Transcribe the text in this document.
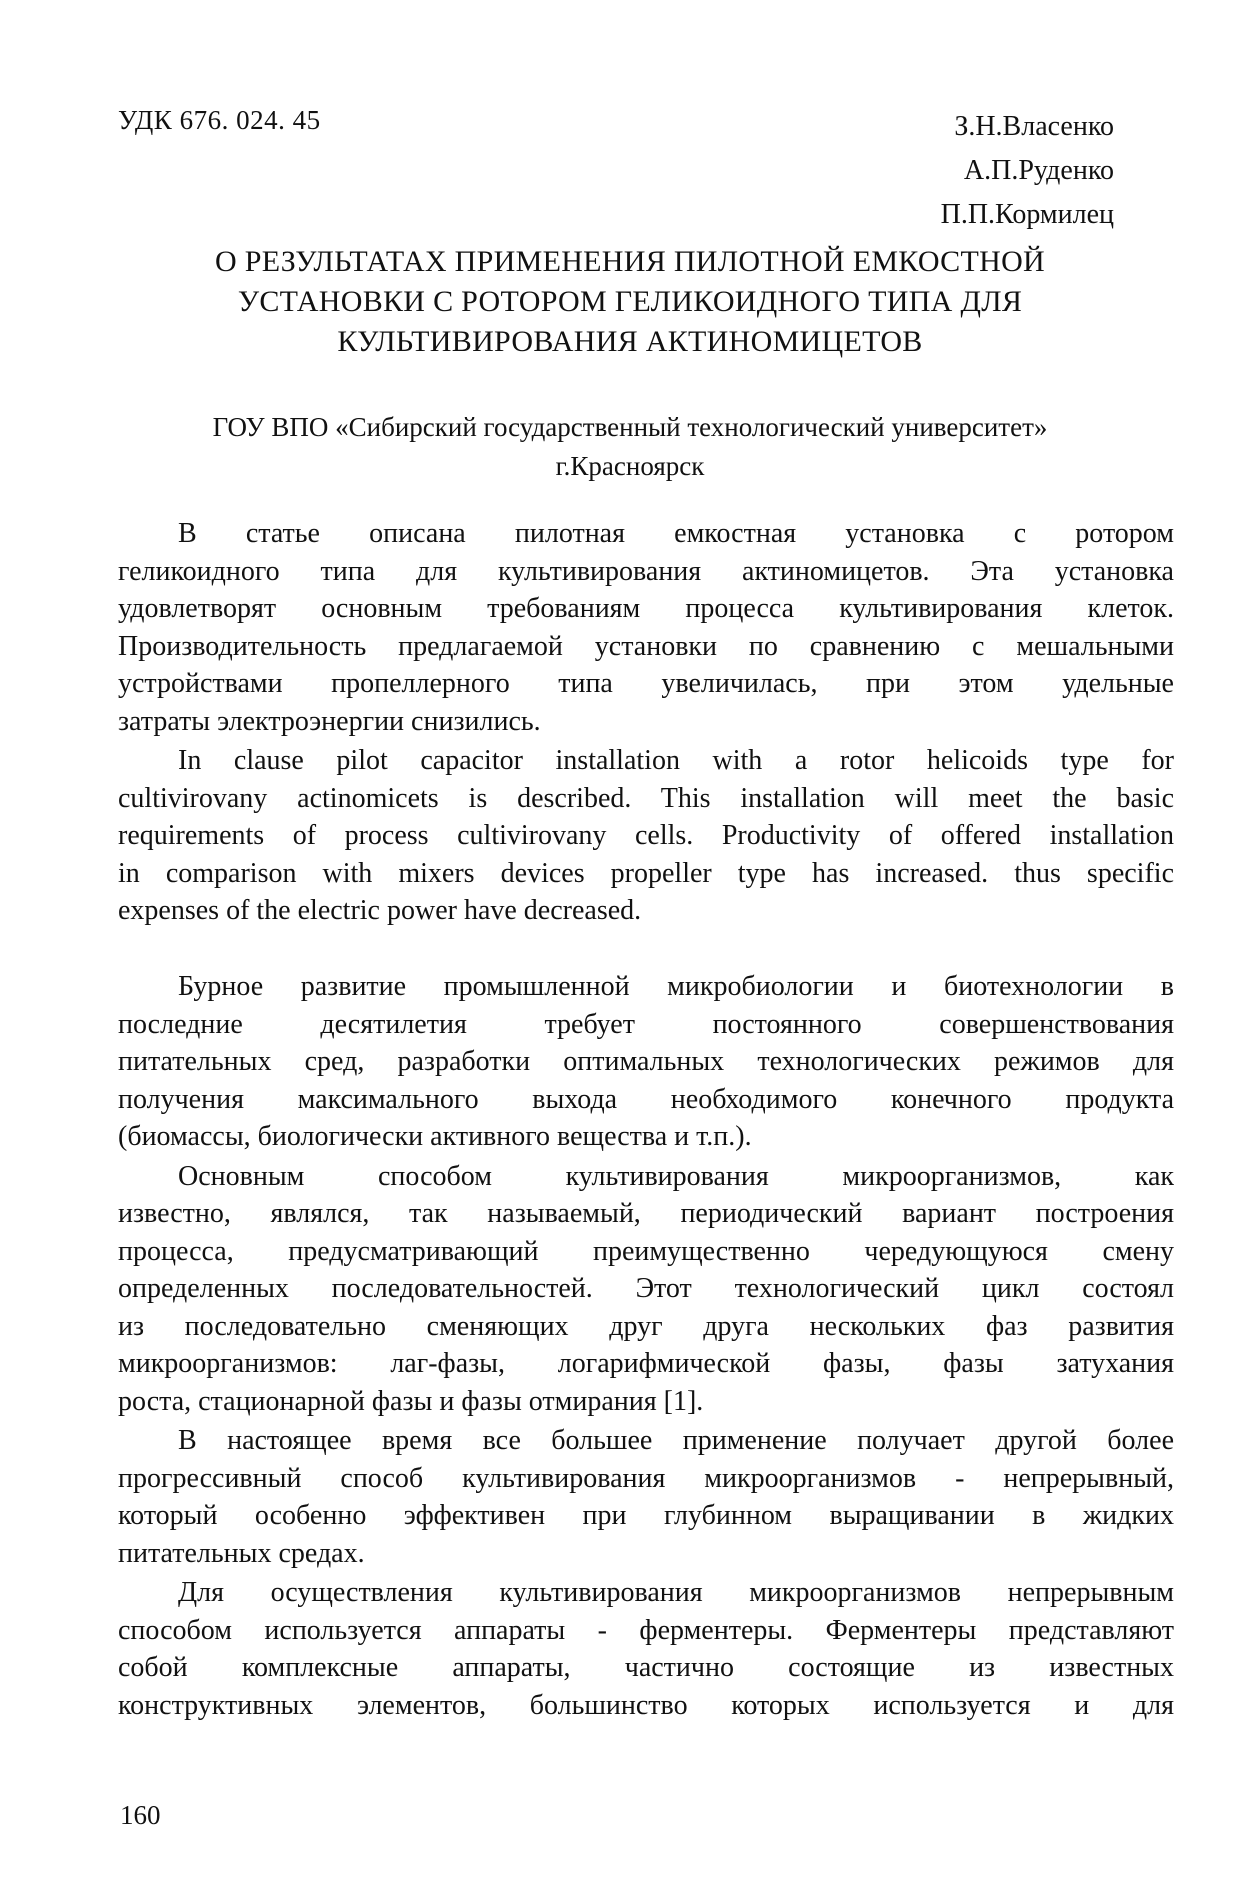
УДК 676. 024. 45	З.Н.Власенко
А.П.Руденко
П.П.Кормилец
О РЕЗУЛЬТАТАХ ПРИМЕНЕНИЯ ПИЛОТНОЙ ЕМКОСТНОЙ
УСТАНОВКИ С РОТОРОМ ГЕЛИКОИДНОГО ТИПА ДЛЯ
КУЛЬТИВИРОВАНИЯ АКТИНОМИЦЕТОВ
ГОУ ВПО «Сибирский государственный технологический университет»
г.Красноярск
В статье описана пилотная емкостная установка с ротором
геликоидного типа для культивирования актиномицетов. Эта установка
удовлетворят основным требованиям процесса культивирования клеток.
Производительность предлагаемой установки по сравнению с мешальными
устройствами пропеллерного типа увеличилась, при этом удельные
затраты электроэнергии снизились.
In clause pilot capacitor installation with a rotor helicoids type for
cultivirovany actinomicets is described. This installation will meet the basic
requirements of process cultivirovany cells. Productivity of offered installation
in comparison with mixers devices propeller type has increased. thus specific
expenses of the electric power have decreased.
Бурное развитие промышленной микробиологии и биотехнологии в
последние десятилетия требует постоянного совершенствования
питательных сред, разработки оптимальных технологических режимов для
получения максимального выхода необходимого конечного продукта
(биомассы, биологически активного вещества и т.п.).
Основным способом культивирования микроорганизмов, как
известно, являлся, так называемый, периодический вариант построения
процесса, предусматривающий преимущественно чередующуюся смену
определенных последовательностей. Этот технологический цикл состоял
из последовательно сменяющих друг друга нескольких фаз развития
микроорганизмов: лаг-фазы, логарифмической фазы, фазы затухания
роста, стационарной фазы и фазы отмирания [1].
В настоящее время все большее применение получает другой более
прогрессивный способ культивирования микроорганизмов - непрерывный,
который особенно эффективен при глубинном выращивании в жидких
питательных средах.
Для осуществления культивирования микроорганизмов непрерывным
способом используется аппараты - ферментеры. Ферментеры представляют
собой комплексные аппараты, частично состоящие из известных
конструктивных элементов, большинство которых используется и для
160
